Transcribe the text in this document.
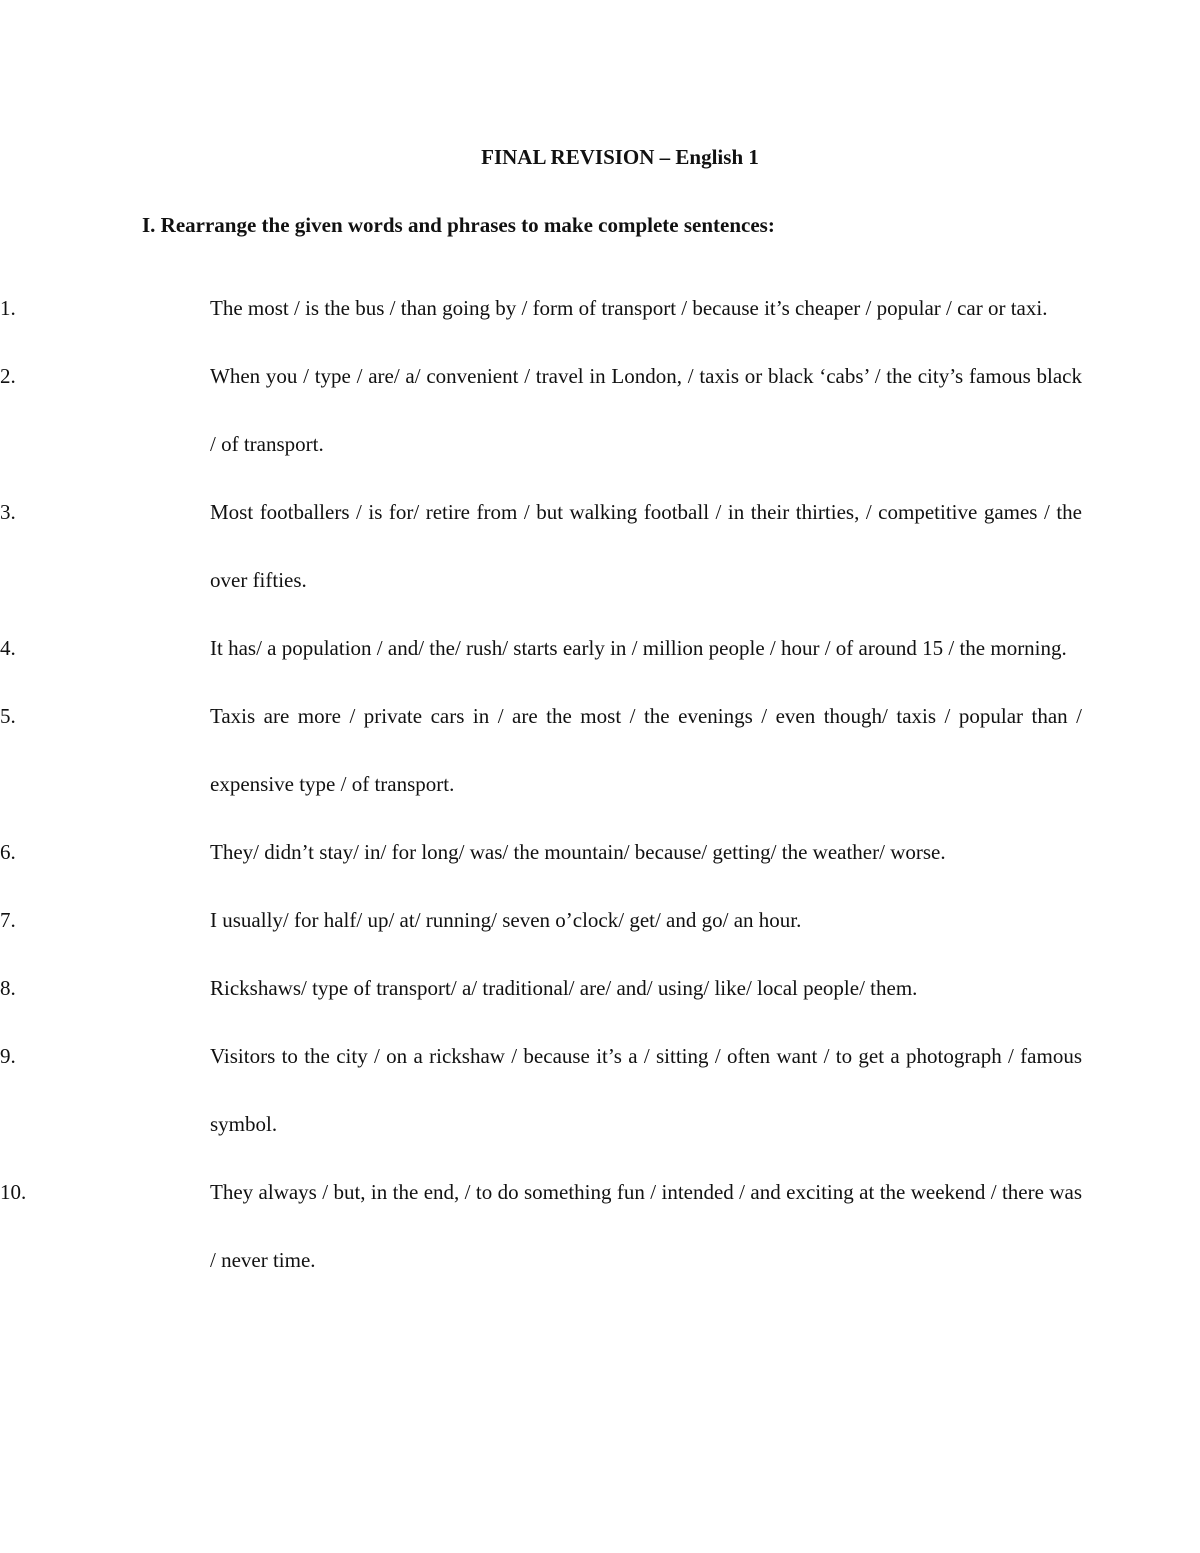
FINAL REVISION – English 1
I. Rearrange the given words and phrases to make complete sentences:
1.	The most / is the bus / than going by / form of transport / because it’s cheaper / popular / car or taxi.
2.	When you / type / are/ a/ convenient / travel in London, / taxis or black ‘cabs’ / the city’s famous black / of transport.
3.	Most footballers / is for/ retire from / but walking football / in their thirties, / competitive games / the over fifties.
4.	It has/ a population / and/ the/ rush/ starts early in / million people / hour / of around 15 / the morning.
5.	Taxis are more / private cars in / are the most / the evenings / even though/ taxis / popular than / expensive type / of transport.
6.	They/ didn’t stay/ in/ for long/ was/ the mountain/ because/ getting/ the weather/ worse.
7.	I usually/ for half/ up/ at/ running/ seven o’clock/ get/ and go/ an hour.
8.	Rickshaws/ type of transport/ a/ traditional/ are/ and/ using/ like/ local people/ them.
9.	Visitors to the city / on a rickshaw / because it’s a / sitting / often want / to get a photograph / famous symbol.
10.	They always / but, in the end, / to do something fun / intended / and exciting at the weekend / there was / never time.
